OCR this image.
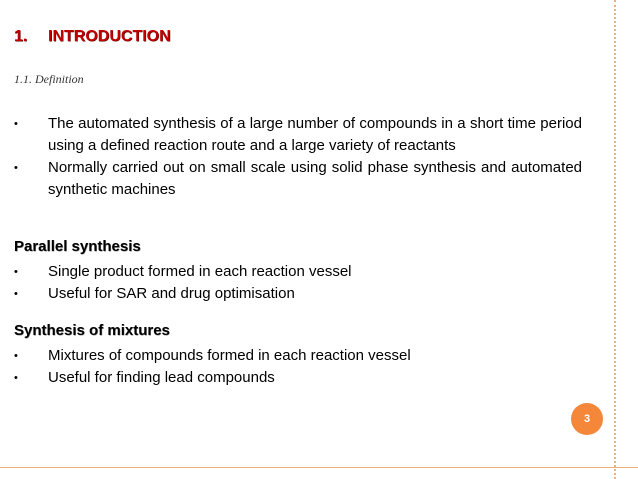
1. INTRODUCTION
1.1. Definition
• The automated synthesis of a large number of compounds in a short time period using a defined reaction route and a large variety of reactants
• Normally carried out on small scale using solid phase synthesis and automated synthetic machines
Parallel synthesis
• Single product formed in each reaction vessel
• Useful for SAR and drug optimisation
Synthesis of mixtures
• Mixtures of compounds formed in each reaction vessel
• Useful for finding lead compounds
3
